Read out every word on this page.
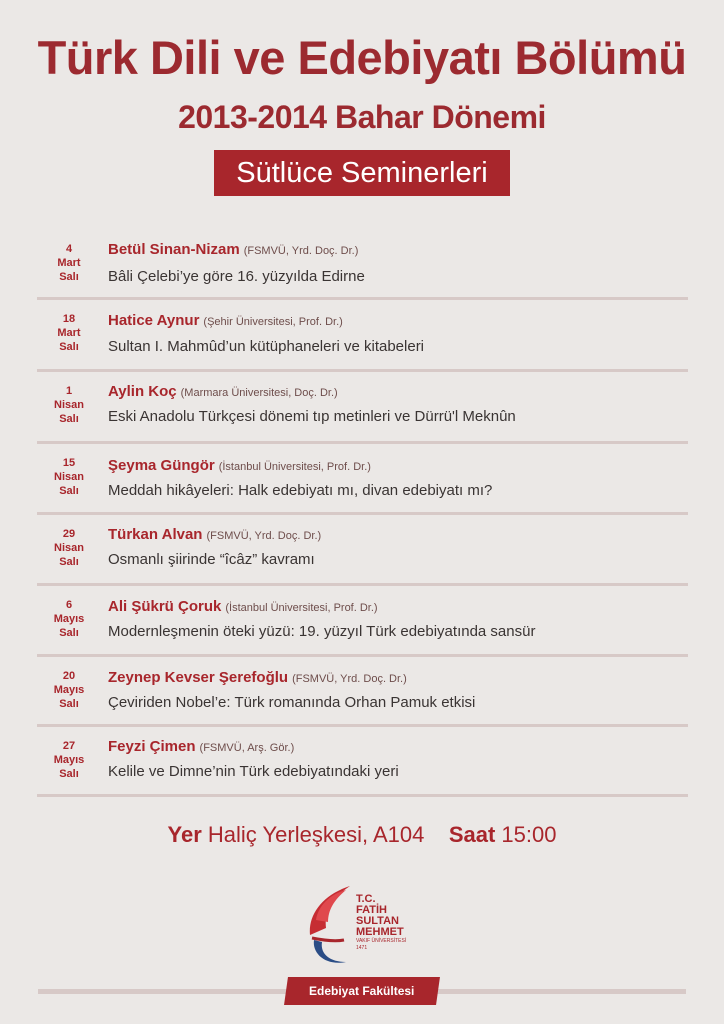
Türk Dili ve Edebiyatı Bölümü
2013-2014 Bahar Dönemi
Sütlüce Seminerleri
4
Mart
Salı
Betül Sinan-Nizam (FSMVÜ, Yrd. Doç. Dr.)
Bâli Çelebi’ye göre 16. yüzyılda Edirne
18
Mart
Salı
Hatice Aynur (Şehir Üniversitesi, Prof. Dr.)
Sultan I. Mahmûd’un kütüphaneleri ve kitabeleri
1
Nisan
Salı
Aylin Koç (Marmara Üniversitesi, Doç. Dr.)
Eski Anadolu Türkçesi dönemi tıp metinleri ve Dürrü'l Meknûn
15
Nisan
Salı
Şeyma Güngör (İstanbul Üniversitesi, Prof. Dr.)
Meddah hikâyeleri: Halk edebiyatı mı, divan edebiyatı mı?
29
Nisan
Salı
Türkan Alvan (FSMVÜ, Yrd. Doç. Dr.)
Osmanlı şiirinde “îcâz” kavramı
6
Mayıs
Salı
Ali Şükrü Çoruk (İstanbul Üniversitesi, Prof. Dr.)
Modernleşmenin öteki yüzü: 19. yüzyıl Türk edebiyatında sansür
20
Mayıs
Salı
Zeynep Kevser Şerefoğlu (FSMVÜ, Yrd. Doç. Dr.)
Çeviriden Nobel’e: Türk romanında Orhan Pamuk etkisi
27
Mayıs
Salı
Feyzi Çimen (FSMVÜ, Arş. Gör.)
Kelile ve Dimne’nin Türk edebiyatındaki yeri
Yer Haliç Yerleşkesi, A104 Saat 15:00
T.C.
FATİH
SULTAN
MEHMET
VAKIF ÜNİVERSİTESİ
1471
Edebiyat Fakültesi
